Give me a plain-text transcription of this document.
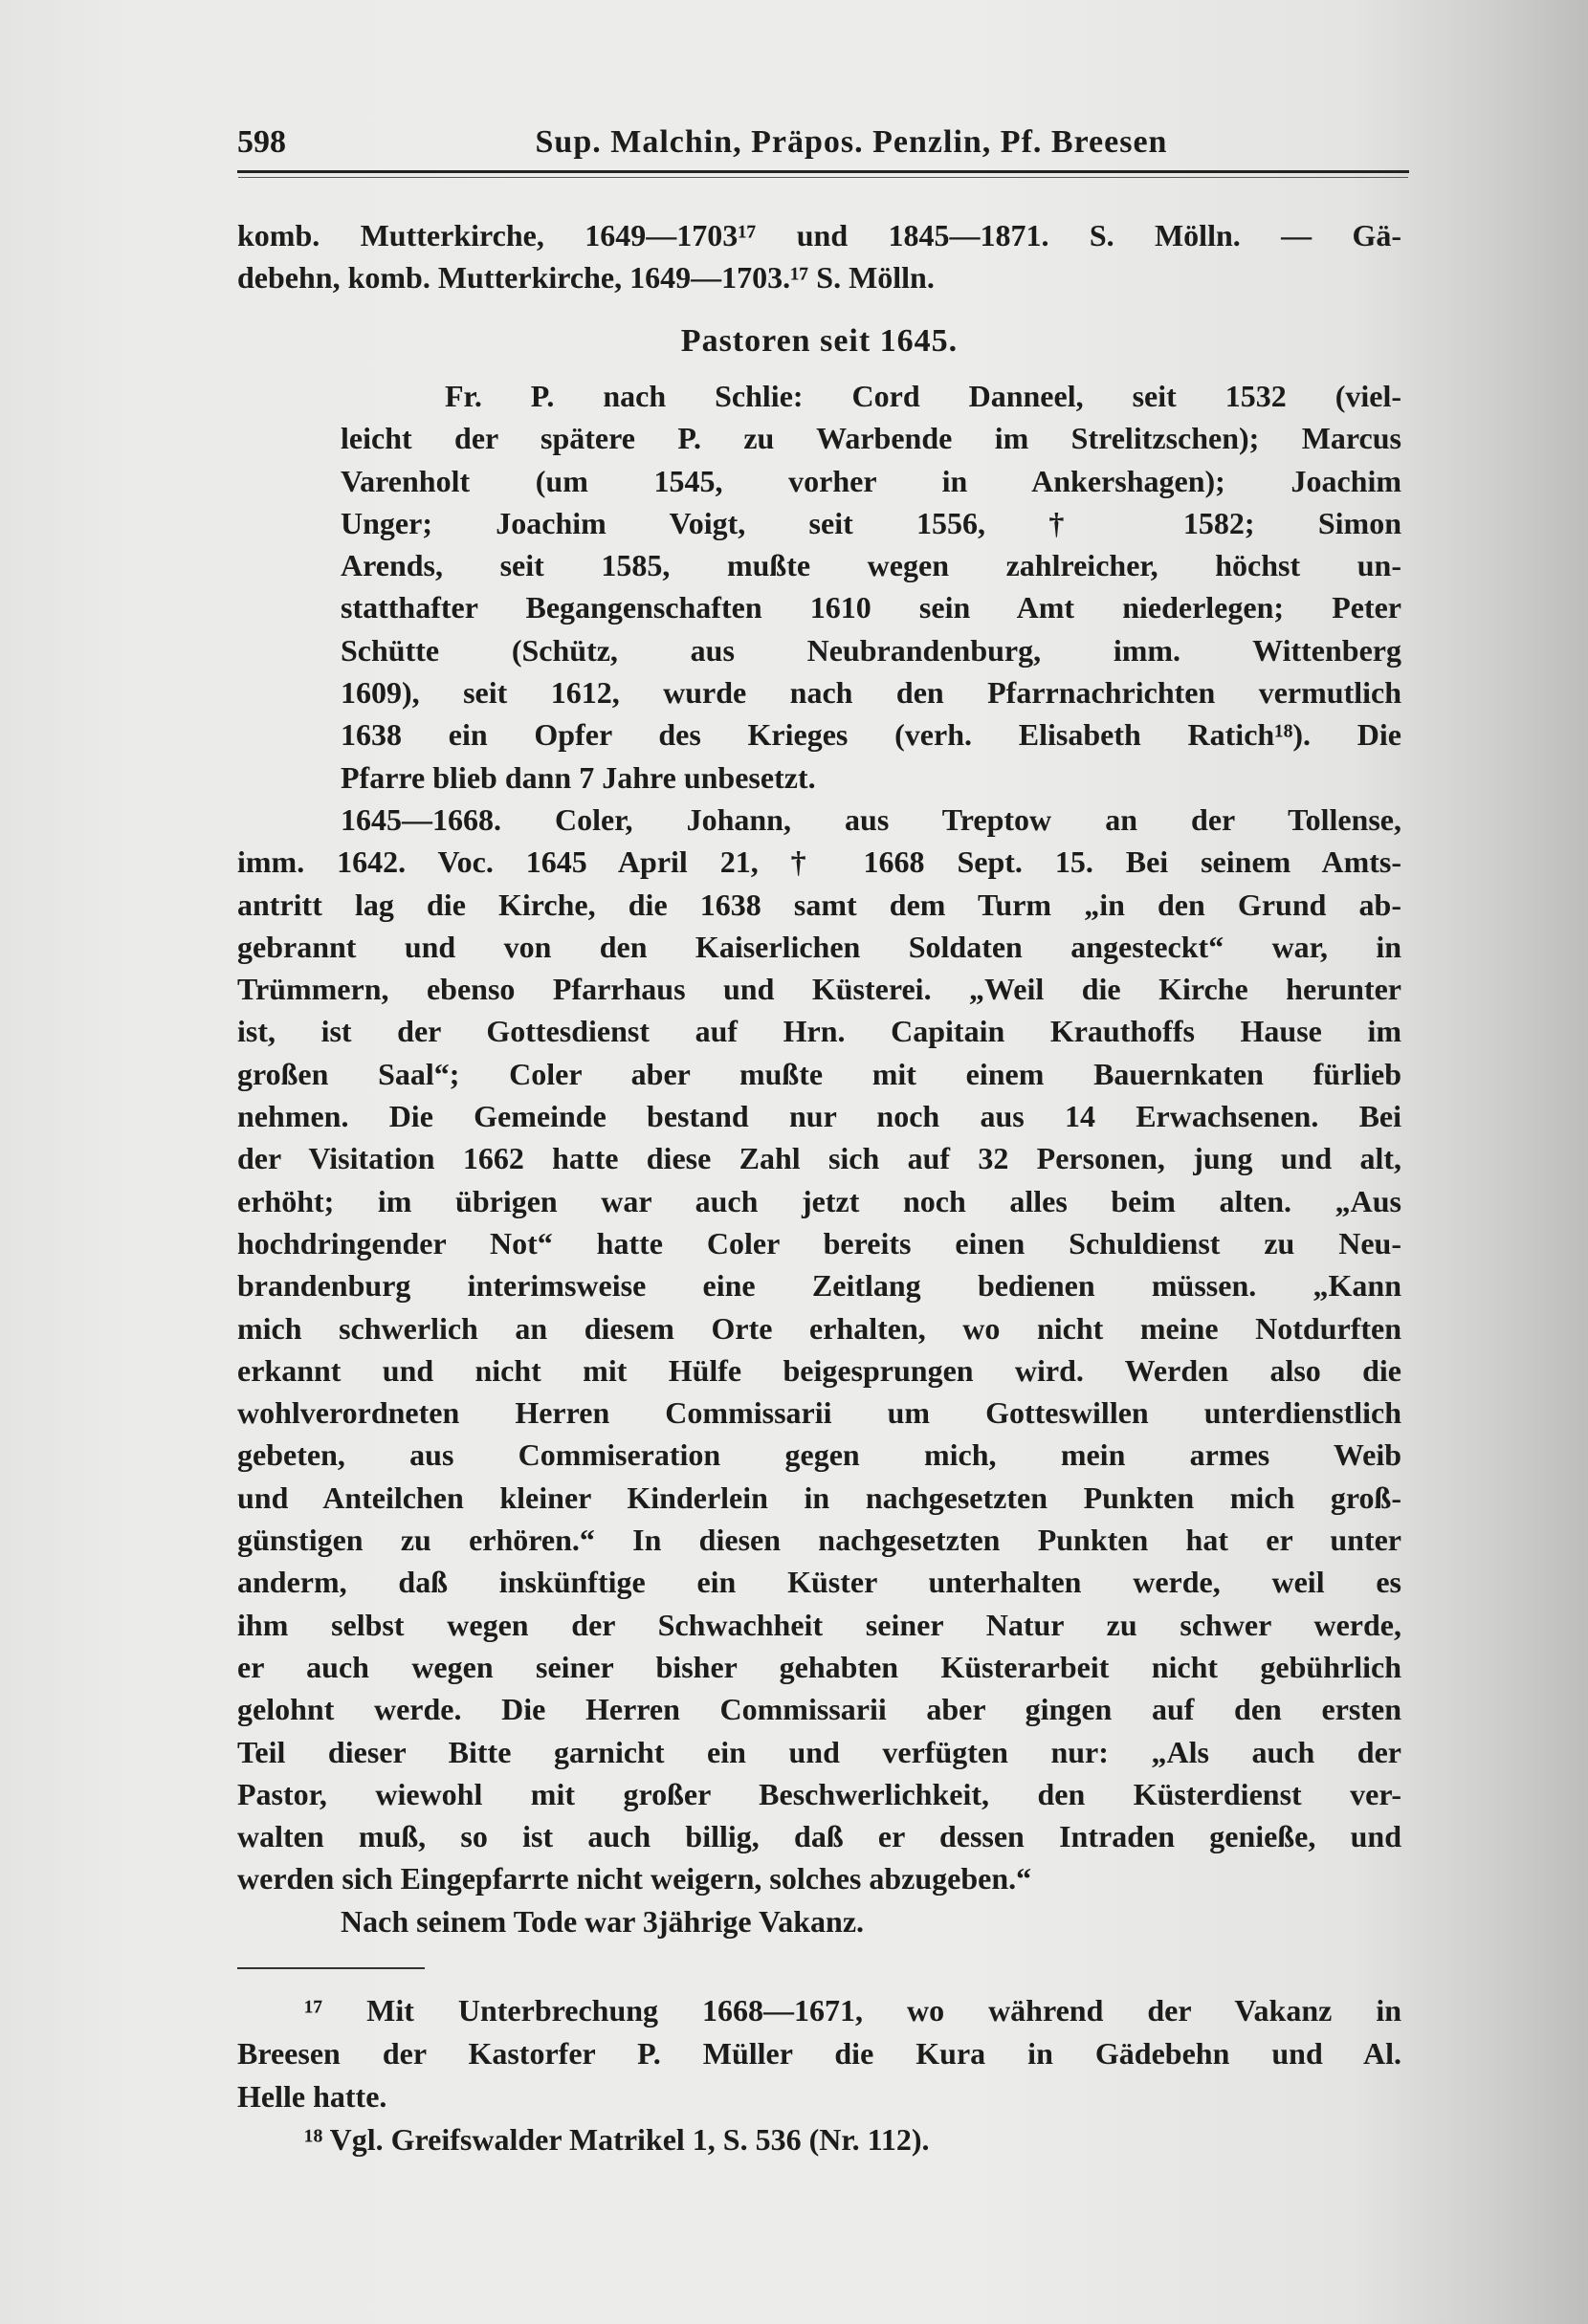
598	Sup. Malchin, Präpos. Penzlin, Pf. Breesen
komb. Mutterkirche, 1649—1703¹⁷ und 1845—1871. S. Mölln. — Gä-
debehn, komb. Mutterkirche, 1649—1703.¹⁷ S. Mölln.
Pastoren seit 1645.
Fr. P. nach Schlie: Cord Danneel, seit 1532 (viel-
leicht der spätere P. zu Warbende im Strelitzschen); Marcus
Varenholt (um 1545, vorher in Ankershagen); Joachim
Unger; Joachim Voigt, seit 1556, † 1582; Simon
Arends, seit 1585, mußte wegen zahlreicher, höchst un-
statthafter Begangenschaften 1610 sein Amt niederlegen; Peter
Schütte (Schütz, aus Neubrandenburg, imm. Wittenberg
1609), seit 1612, wurde nach den Pfarrnachrichten vermutlich
1638 ein Opfer des Krieges (verh. Elisabeth Ratich¹⁸). Die
Pfarre blieb dann 7 Jahre unbesetzt.
1645—1668. Coler, Johann, aus Treptow an der Tollense,
imm. 1642. Voc. 1645 April 21, † 1668 Sept. 15. Bei seinem Amts-
antritt lag die Kirche, die 1638 samt dem Turm „in den Grund ab-
gebrannt und von den Kaiserlichen Soldaten angesteckt“ war, in
Trümmern, ebenso Pfarrhaus und Küsterei. „Weil die Kirche herunter
ist, ist der Gottesdienst auf Hrn. Capitain Krauthoffs Hause im
großen Saal“; Coler aber mußte mit einem Bauernkaten fürlieb
nehmen. Die Gemeinde bestand nur noch aus 14 Erwachsenen. Bei
der Visitation 1662 hatte diese Zahl sich auf 32 Personen, jung und alt,
erhöht; im übrigen war auch jetzt noch alles beim alten. „Aus
hochdringender Not“ hatte Coler bereits einen Schuldienst zu Neu-
brandenburg interimsweise eine Zeitlang bedienen müssen. „Kann
mich schwerlich an diesem Orte erhalten, wo nicht meine Notdurften
erkannt und nicht mit Hülfe beigesprungen wird. Werden also die
wohlverordneten Herren Commissarii um Gotteswillen unterdienstlich
gebeten, aus Commiseration gegen mich, mein armes Weib
und Anteilchen kleiner Kinderlein in nachgesetzten Punkten mich groß-
günstigen zu erhören.“ In diesen nachgesetzten Punkten hat er unter
anderm, daß inskünftige ein Küster unterhalten werde, weil es
ihm selbst wegen der Schwachheit seiner Natur zu schwer werde,
er auch wegen seiner bisher gehabten Küsterarbeit nicht gebührlich
gelohnt werde. Die Herren Commissarii aber gingen auf den ersten
Teil dieser Bitte garnicht ein und verfügten nur: „Als auch der
Pastor, wiewohl mit großer Beschwerlichkeit, den Küsterdienst ver-
walten muß, so ist auch billig, daß er dessen Intraden genieße, und
werden sich Eingepfarrte nicht weigern, solches abzugeben.“
Nach seinem Tode war 3jährige Vakanz.
¹⁷ Mit Unterbrechung 1668—1671, wo während der Vakanz in
Breesen der Kastorfer P. Müller die Kura in Gädebehn und Al.
Helle hatte.
¹⁸ Vgl. Greifswalder Matrikel 1, S. 536 (Nr. 112).
